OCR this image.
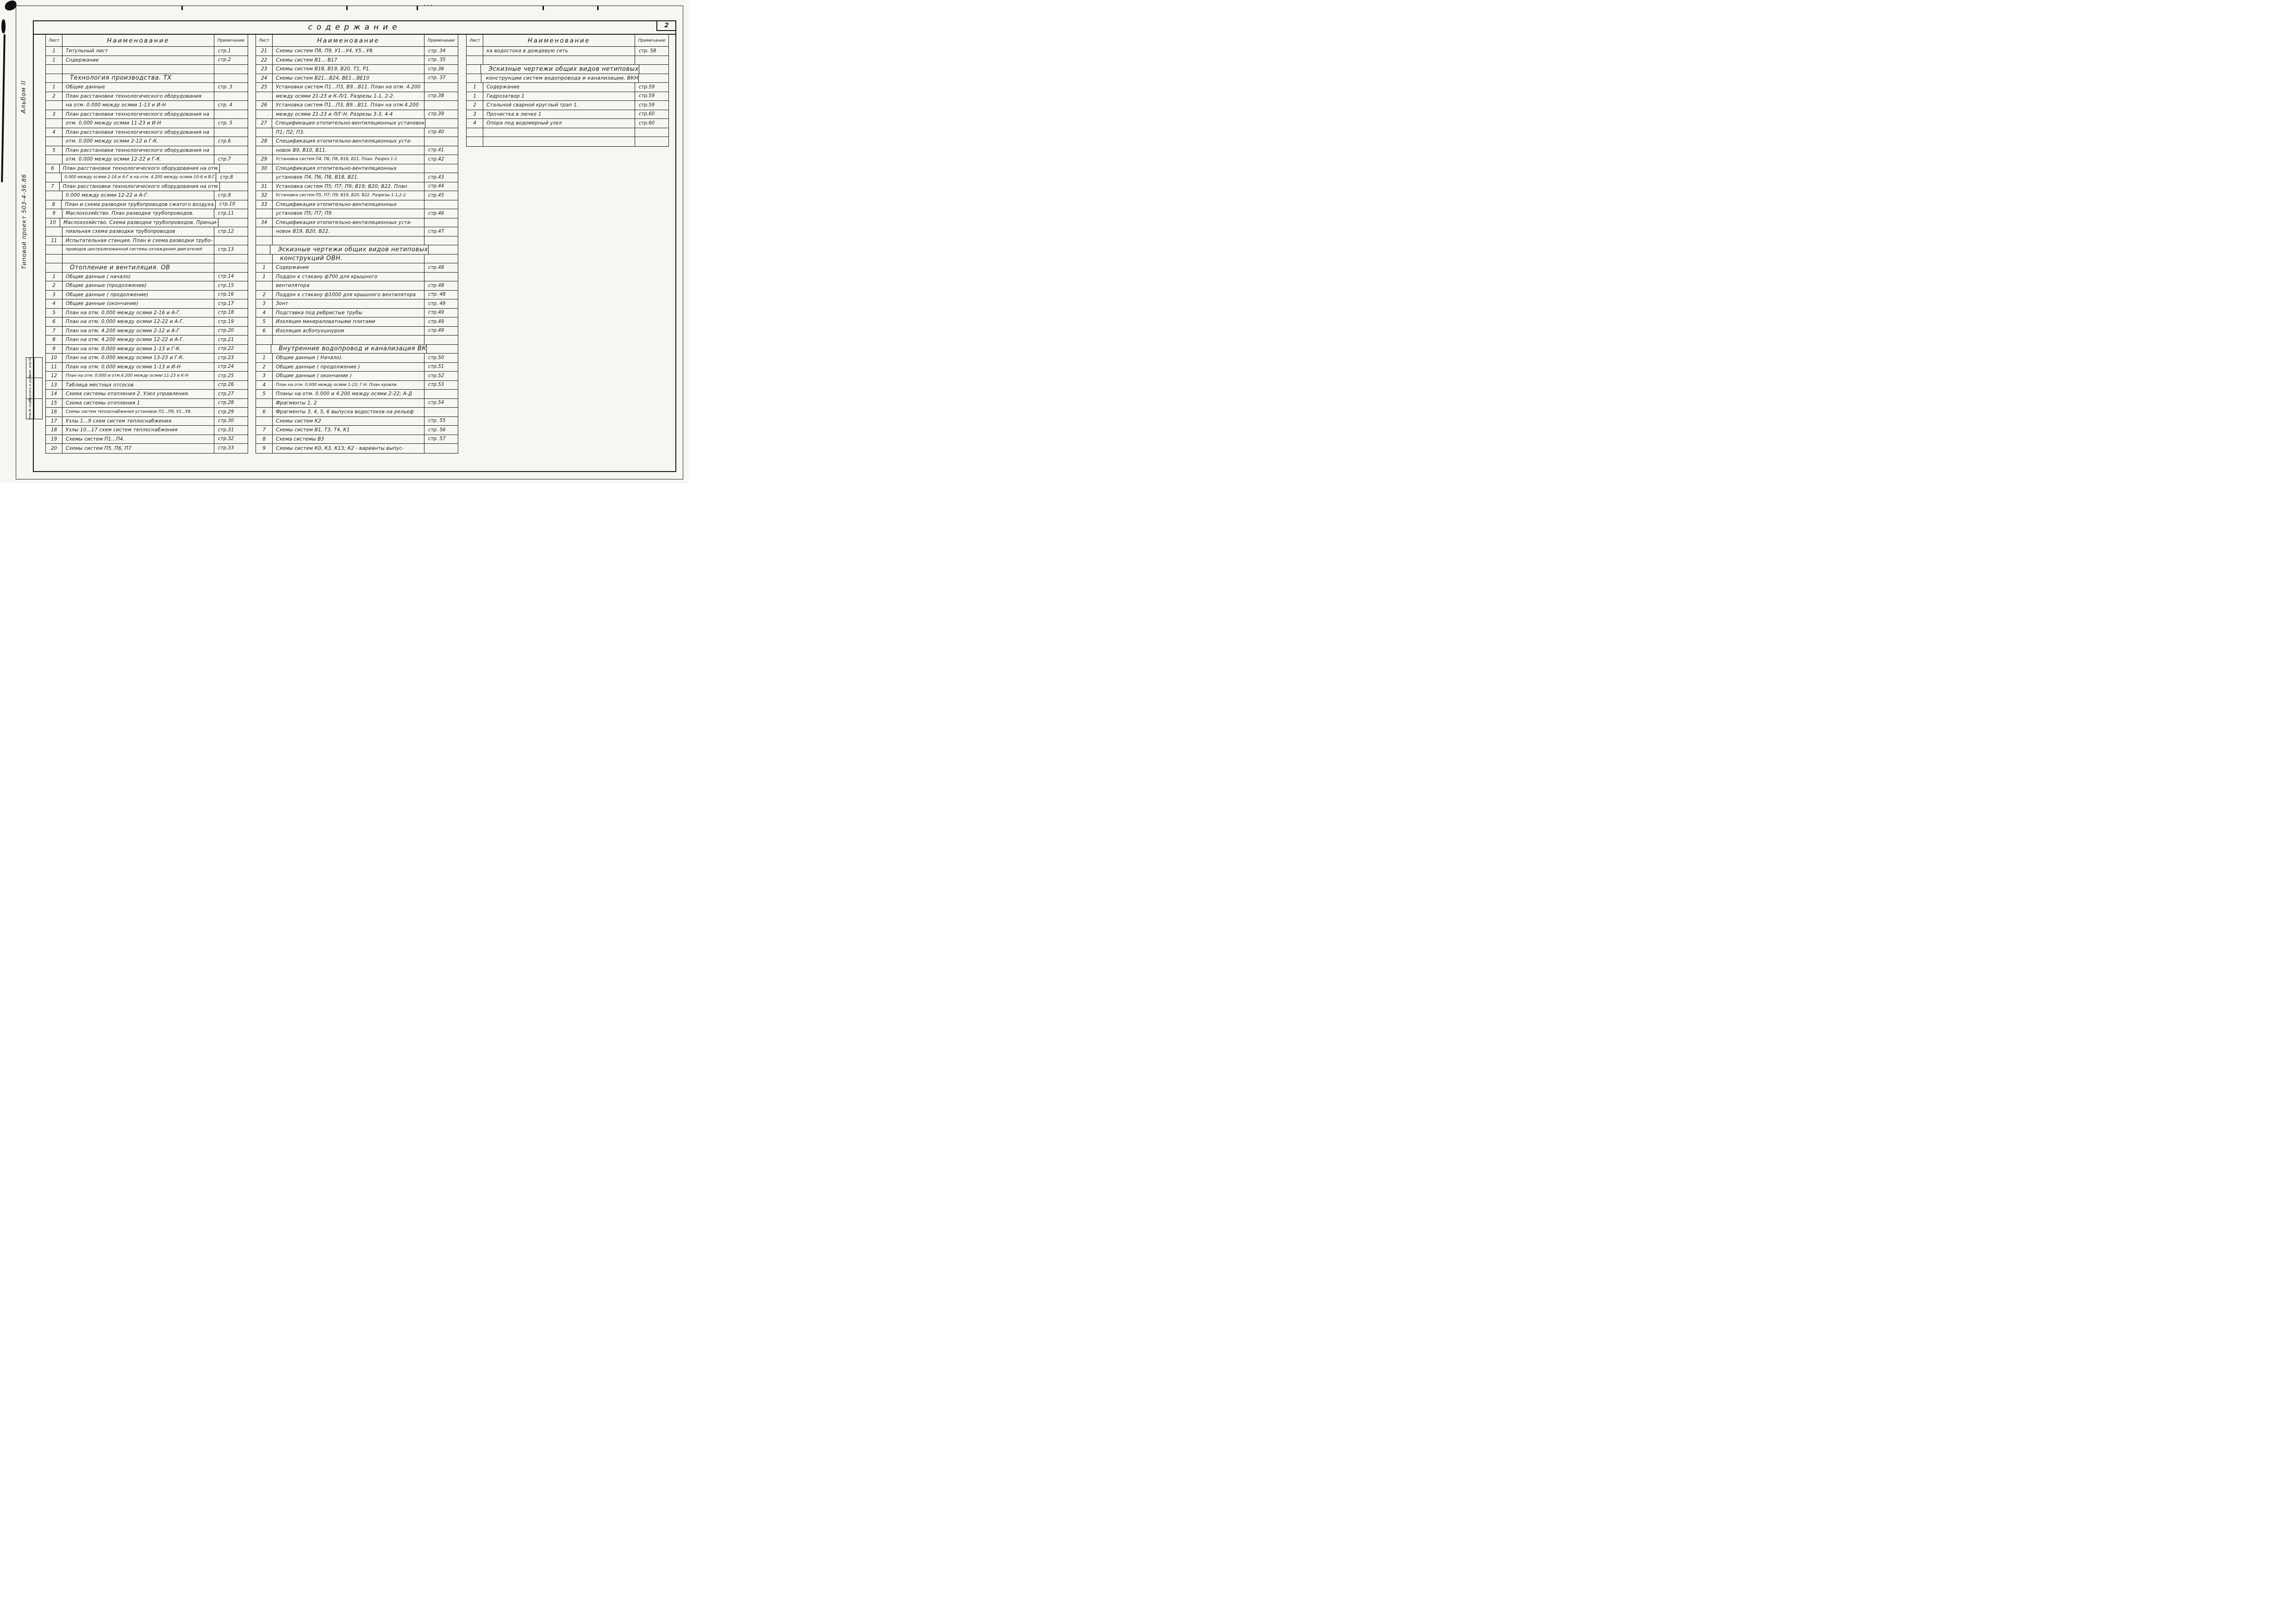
···
Альбом II
Типовой проект 503-4-36.86
Взам. инв.№
Подпись и дата
Инв.№ подл.
содержание	2
Лист	Наименование	Примечание
1	Титульный лист	стр.1
1	Содержание	стр.2
Технология производства. ТХ
1	Общие данные	стр. 3
2	План расстановки технологического оборудования
на отм. 0.000 между осями 1-13 и И-Н	стр. 4
3	План расстановки технологического оборудования на
отм. 0.000 между осями 11-23 и И-Н	стр. 5
4	План расстановки технологического оборудования на
отм. 0.000 между осями 2-12 и Г-К.	стр.6
5	План расстановки технологического оборудования на
отм. 0.000 между осями 12-22 и Г-К.	стр.7
6	План расстановки технологического оборудования на отм.
0.000 между осями 2-16 и А-Г и на отм. 4.200 между осями 10-6 и В-Г. стр.8
7	План расстановки технологического оборудования на отм.
0.000 между осями 12-22 и А-Г.	стр.9
8	План и схема разводки трубопроводов сжатого воздуха. стр.10
9	Маслохозяйство. План разводки трубопроводов.	стр.11
10	Маслохозяйство. Схема разводки трубопроводов. Принци-
пиальная схема разводки трубопроводов	стр.12
11	Испытательная станция. План и схема разводки трубо-
проводов централизованной системы охлаждения двигателей	стр.13
Отопление и вентиляция. ОВ
1	Общие данные ( начало)	стр.14
2	Общие данные (продолжение)	стр.15
3	Общие данные ( продолжение)	стр.16
4	Общие данные (окончание)	стр.17
5	План на отм. 0.000 между осями 2-16 и А-Г.	стр.18
6	План на отм. 0.000 между осями 12-22 и А-Г.	стр.19
7	План на отм. 4.200 между осями 2-12 и А-Г	стр.20
8	План на отм. 4.200 между осями 12-22 и А-Г.	стр.21
9	План на отм. 0.000 между осями 1-13 и Г-К.	стр.22
10	План на отм. 0.000 между осями 13-23 и Г-К.	стр.23
11	План на отм. 0.000 между осями 1-13 и И-Н	стр.24
12	План на отм. 0.000 и отм.4.200 между осями 11-23 и К-Н	стр.25
13	Таблица местных отсосов	стр.26
14	Схема системы отопления 2. Узел управления.	стр.27
15	Схема системы отопления 1	стр.28
16	Схемы систем теплоснабжения установок П1...П9, У1...У8.	стр.29
17	Узлы 1...9 схем систем теплоснабжения.	стр.30
18	Узлы 10...17 схем систем теплоснабжения	стр.31
19	Схемы систем П1...П4.	стр.32
20	Схемы систем П5, П6, П7	стр.33
Лист	Наименование	Примечание
21	Схемы систем П8, П9, У1...У4, У5...У8.	стр. 34
22	Схемы систем В1... В17	стр. 35
23	Схемы систем В18, В19, В20, Т1, Р1.	стр.36
24	Схемы систем В21...В24, ВЕ1...ВЕ10	стр. 37
25	Установки систем П1...П3, В9...В11. План на отм. 4.200
между осями 21-23 и К-Л/1. Разрезы 1-1, 2-2.	стр.38
26	Установка систем П1...П3, В9...В11. План на отм.4.200
между осями 21-23 и Л/Г-Н. Разрезы 3-3, 4-4	стр.39
27	Спецификация отопительно-вентиляционных установок
П1; П2; П3.	стр.40
28	Спецификация отопительно-вентиляционных уста-
новок В9, В10, В11.	стр.41
29	Установка систем П4, П6, П8, В18, В21. План. Разрез 1-1	стр.42
30	Спецификация отопительно-вентиляционных
установок П4, П6, П8, В18, В21.	стр.43
31	Установка систем П5; П7; П9; В19; В20; В22. План	стр.44
32	Установка систем П5, П7; П9; В19, В20, В22. Разрезы 1-1,2-2.	стр.45
33	Спецификация отопительно-вентиляционных
установок П5; П7; П9.	стр.46
34	Спецификация отопительно-вентиляционных уста-
новок В19, В20, В22.	стр.47
Эскизные чертежи общих видов нетиповых
конструкций ОВН.
1	Содержание	стр.48
1	Поддон к стакану ф700 для крышного
вентилятора	стр.48
2	Поддон к стакану ф1000 для крышного вентилятора	стр. 48
3	Зонт	стр. 49
4	Подставка под ребристые трубы	стр.49
5	Изоляция минераловатными плитами	стр.49
6	Изоляция асбопухшнуром	стр.49
Внутренние водопровод и канализация ВК
1	Общие данные ( Начало).	стр.50
2	Общие данные ( продолжение )	стр.51
3	Общие данные ( окончание )	стр.52
4	План на отм. 0.000 между осями 1-23; Г-Н. План кровли.	стр.53
5	Планы на отм. 0.000 и 4.200 между осями 2-22; А-Д
Фрагменты 1, 2	стр.54
6	Фрагменты 3, 4, 5, 6 выпуска водостоков на рельеф
Схемы систем К2	стр. 55
7	Схемы систем В1, Т3, Т4, К1	стр. 56
8	Схема системы В3	стр. 57
9	Схемы систем К0, К3, К13; К2 - варианты выпус-
Лист	Наименование	Примечание
ка водостока в дождевую сеть	стр. 58
Эскизные чертежи общих видов нетиповых
конструкции систем водопровода и канализации, ВКН
1	Содержание	стр.59
1	Гидрозатвор 1	стр.59
2	Стальной сварной круглый трап 1.	стр.59
3	Прочистка в лючке 1	стр.60
4	Опора под водомерный узел	стр.60
